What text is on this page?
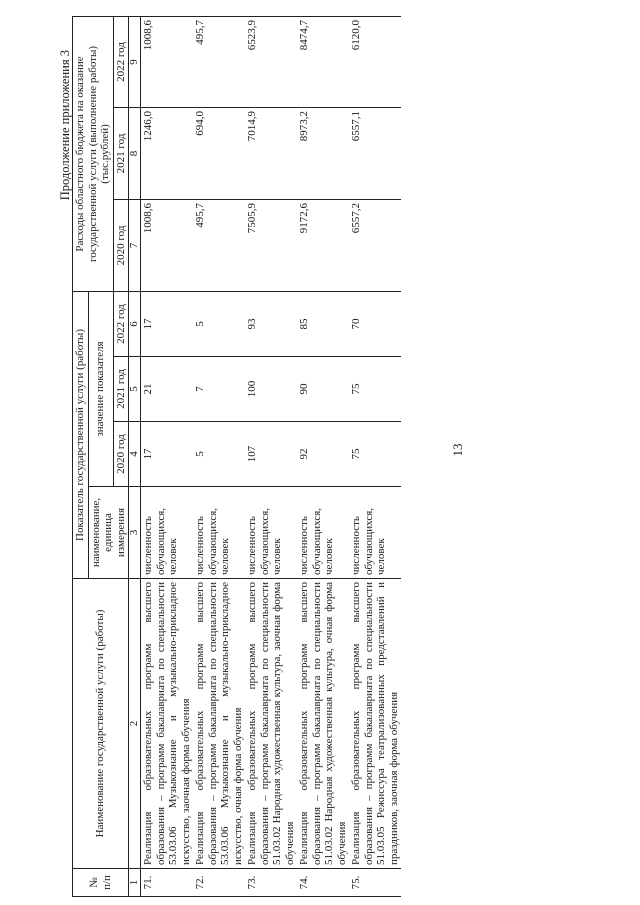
13
Продолжение приложения 3
№ п/п	Наименование государственной услуги (работы)	Показатель государственной услуги (работы)				Расходы областного бюджета на оказание государственной услуги (выполнение работы) (тыс.рублей)		
		наименование, единица измерения	значение показателя					
			2020 год	2021 год	2022 год	2020 год	2021 год	2022 год
1	2	3	4	5	6	7	8	9
71.	Реализация образовательных программ высшего образования – программ бакалавриата по специальности 53.03.06 Музыкознание и музыкально-прикладное искусство, заочная форма обучения	численность обучающихся, человек	17	21	17	1008,6	1246,0	1008,6
72.	Реализация образовательных программ высшего образования – программ бакалавриата по специальности 53.03.06 Музыкознание и музыкально-прикладное искусство, очная форма обучения	численность обучающихся, человек	5	7	5	495,7	694,0	495,7
73.	Реализация образовательных программ высшего образования – программ бакалавриата по специальности 51.03.02 Народная художественная культура, заочная форма обучения	численность обучающихся, человек	107	100	93	7505,9	7014,9	6523,9
74.	Реализация образовательных программ высшего образования – программ бакалавриата по специальности 51.03.02 Народная художественная культура, очная форма обучения	численность обучающихся, человек	92	90	85	9172,6	8973,2	8474,7
75.	Реализация образовательных программ высшего образования – программ бакалавриата по специальности 51.03.05 Режиссура театрализованных представлений и праздников, заочная форма обучения	численность обучающихся, человек	75	75	70	6557,2	6557,1	6120,0
